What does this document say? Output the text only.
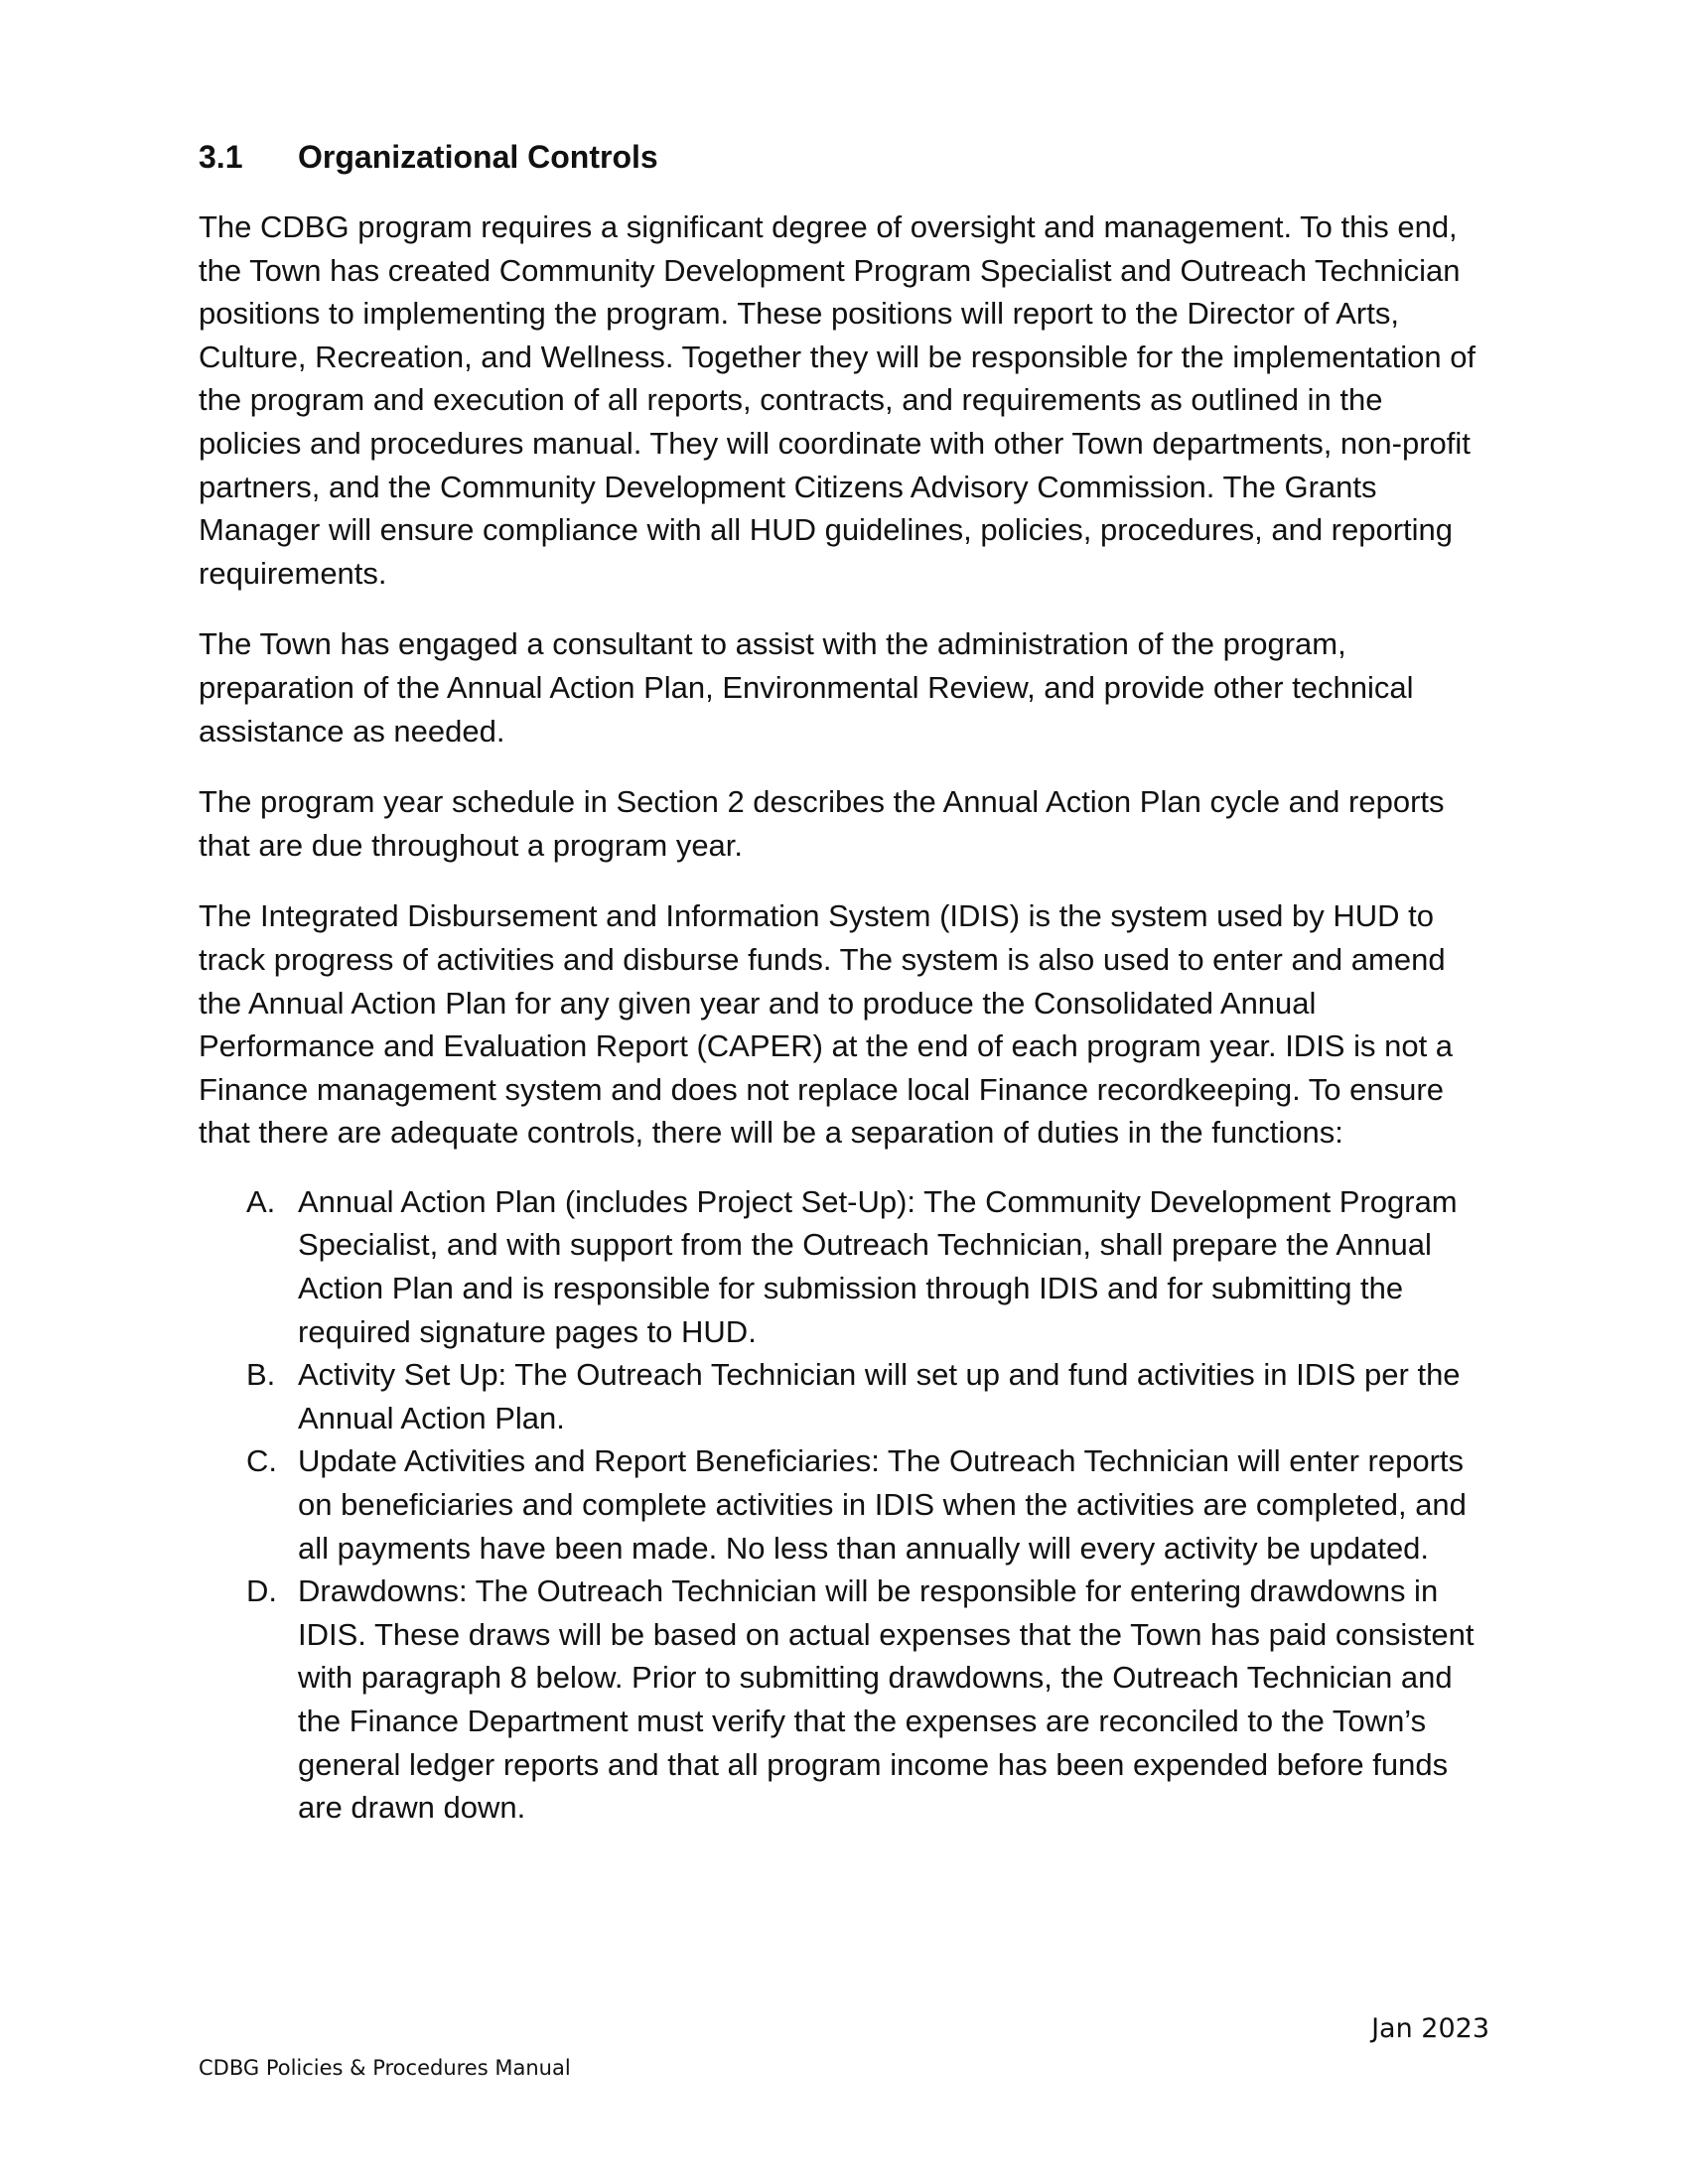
3.1 Organizational Controls

The CDBG program requires a significant degree of oversight and management. To this end, the Town has created Community Development Program Specialist and Outreach Technician positions to implementing the program. These positions will report to the Director of Arts, Culture, Recreation, and Wellness. Together they will be responsible for the implementation of the program and execution of all reports, contracts, and requirements as outlined in the policies and procedures manual. They will coordinate with other Town departments, non-profit partners, and the Community Development Citizens Advisory Commission. The Grants Manager will ensure compliance with all HUD guidelines, policies, procedures, and reporting requirements.

The Town has engaged a consultant to assist with the administration of the program, preparation of the Annual Action Plan, Environmental Review, and provide other technical assistance as needed.

The program year schedule in Section 2 describes the Annual Action Plan cycle and reports that are due throughout a program year.

The Integrated Disbursement and Information System (IDIS) is the system used by HUD to track progress of activities and disburse funds. The system is also used to enter and amend the Annual Action Plan for any given year and to produce the Consolidated Annual Performance and Evaluation Report (CAPER) at the end of each program year. IDIS is not a Finance management system and does not replace local Finance recordkeeping. To ensure that there are adequate controls, there will be a separation of duties in the functions:

A. Annual Action Plan (includes Project Set-Up): The Community Development Program Specialist, and with support from the Outreach Technician, shall prepare the Annual Action Plan and is responsible for submission through IDIS and for submitting the required signature pages to HUD.
B. Activity Set Up: The Outreach Technician will set up and fund activities in IDIS per the Annual Action Plan.
C. Update Activities and Report Beneficiaries: The Outreach Technician will enter reports on beneficiaries and complete activities in IDIS when the activities are completed, and all payments have been made. No less than annually will every activity be updated.
D. Drawdowns: The Outreach Technician will be responsible for entering drawdowns in IDIS. These draws will be based on actual expenses that the Town has paid consistent with paragraph 8 below. Prior to submitting drawdowns, the Outreach Technician and the Finance Department must verify that the expenses are reconciled to the Town’s general ledger reports and that all program income has been expended before funds are drawn down.
Jan 2023
CDBG Policies & Procedures Manual
